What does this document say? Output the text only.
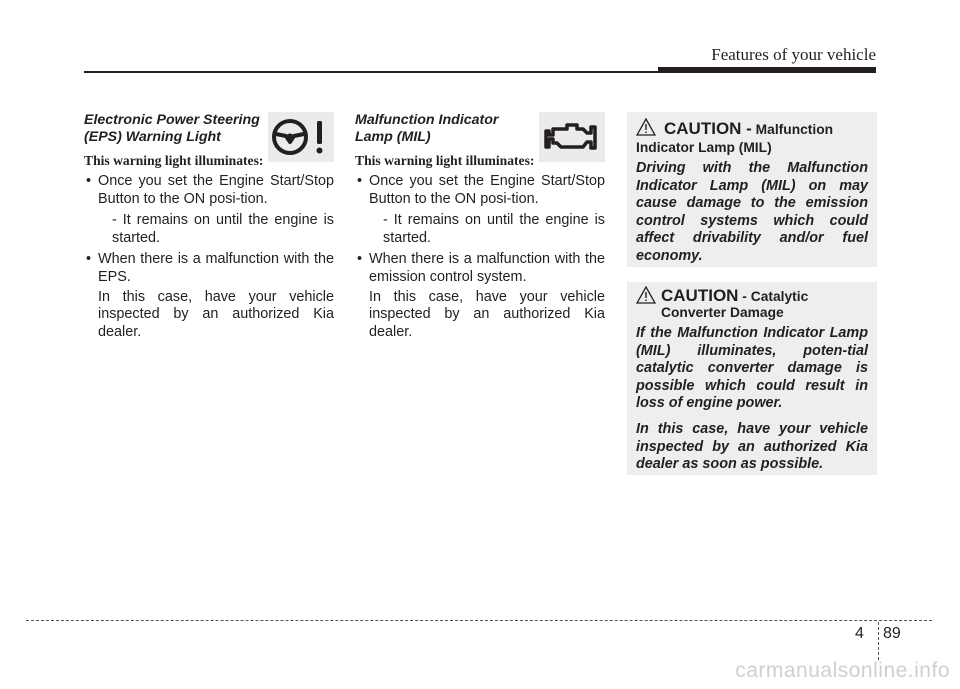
Features of your vehicle
Electronic Power Steering (EPS) Warning Light
This warning light illuminates:
• Once you set the Engine Start/Stop Button to the ON posi-tion.
- It remains on until the engine is started.
• When there is a malfunction with the EPS.
In this case, have your vehicle inspected by an authorized Kia dealer.
Malfunction Indicator Lamp (MIL)
This warning light illuminates:
• Once you set the Engine Start/Stop Button to the ON posi-tion.
- It remains on until the engine is started.
• When there is a malfunction with the emission control system.
In this case, have your vehicle inspected by an authorized Kia dealer.
CAUTION - Malfunction Indicator Lamp (MIL)

Driving with the Malfunction Indicator Lamp (MIL) on may cause damage to the emission control systems which could affect drivability and/or fuel economy.

CAUTION - Catalytic Converter Damage

If the Malfunction Indicator Lamp (MIL) illuminates, poten-tial catalytic converter damage is possible which could result in loss of engine power.

In this case, have your vehicle inspected by an authorized Kia dealer as soon as possible.

4 89
carmanualsonline.info
